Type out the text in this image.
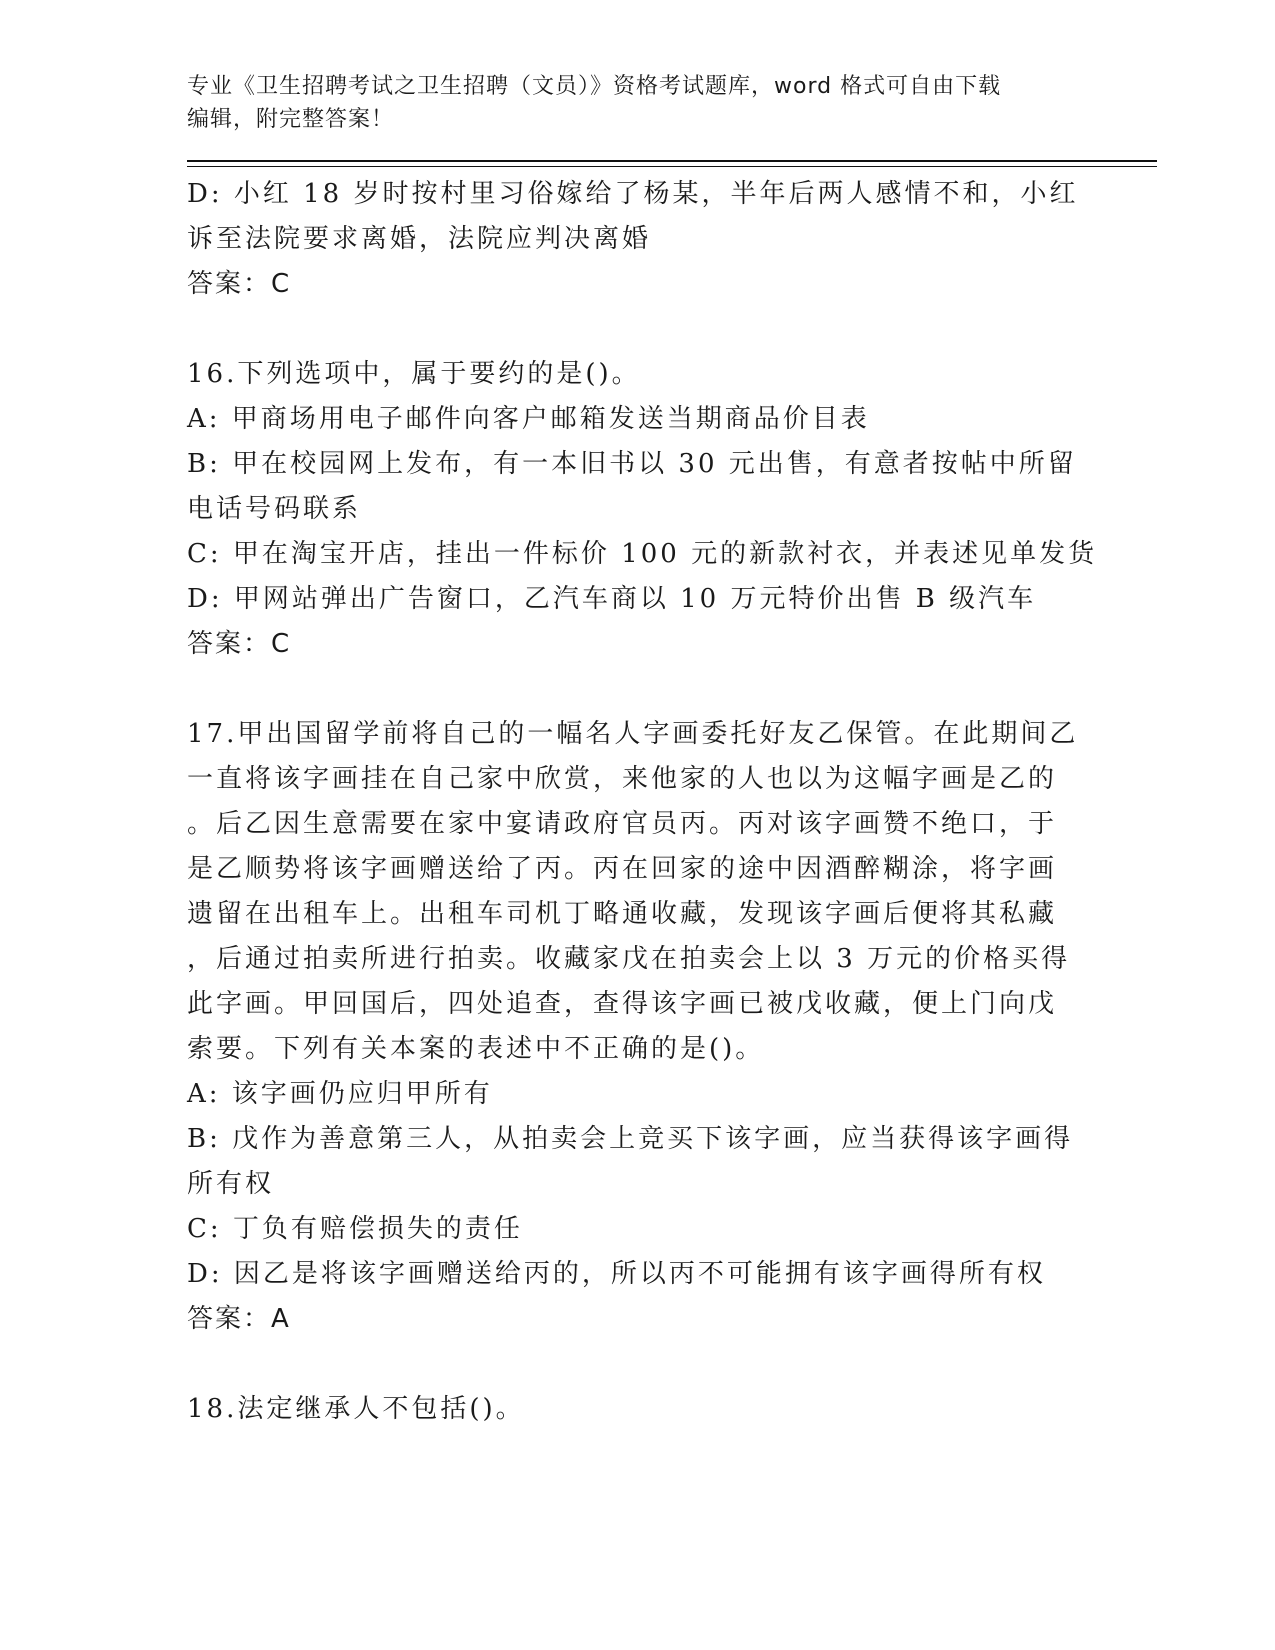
专业《卫生招聘考试之卫生招聘（文员）》资格考试题库，word 格式可自由下载

编辑，附完整答案！

D: 小红 18 岁时按村里习俗嫁给了杨某，半年后两人感情不和，小红

诉至法院要求离婚，法院应判决离婚

答案：C

16.下列选项中，属于要约的是()。

A: 甲商场用电子邮件向客户邮箱发送当期商品价目表

B: 甲在校园网上发布，有一本旧书以 30 元出售，有意者按帖中所留

电话号码联系

C: 甲在淘宝开店，挂出一件标价 100 元的新款衬衣，并表述见单发货

D: 甲网站弹出广告窗口，乙汽车商以 10 万元特价出售 B 级汽车

答案：C

17.甲出国留学前将自己的一幅名人字画委托好友乙保管。在此期间乙

一直将该字画挂在自己家中欣赏，来他家的人也以为这幅字画是乙的

。后乙因生意需要在家中宴请政府官员丙。丙对该字画赞不绝口，于

是乙顺势将该字画赠送给了丙。丙在回家的途中因酒醉糊涂，将字画

遗留在出租车上。出租车司机丁略通收藏，发现该字画后便将其私藏

，后通过拍卖所进行拍卖。收藏家戊在拍卖会上以 3 万元的价格买得

此字画。甲回国后，四处追查，查得该字画已被戊收藏，便上门向戊

索要。下列有关本案的表述中不正确的是()。

A: 该字画仍应归甲所有

B: 戊作为善意第三人，从拍卖会上竞买下该字画，应当获得该字画得

所有权

C: 丁负有赔偿损失的责任

D: 因乙是将该字画赠送给丙的，所以丙不可能拥有该字画得所有权

答案：A

18.法定继承人不包括()。
